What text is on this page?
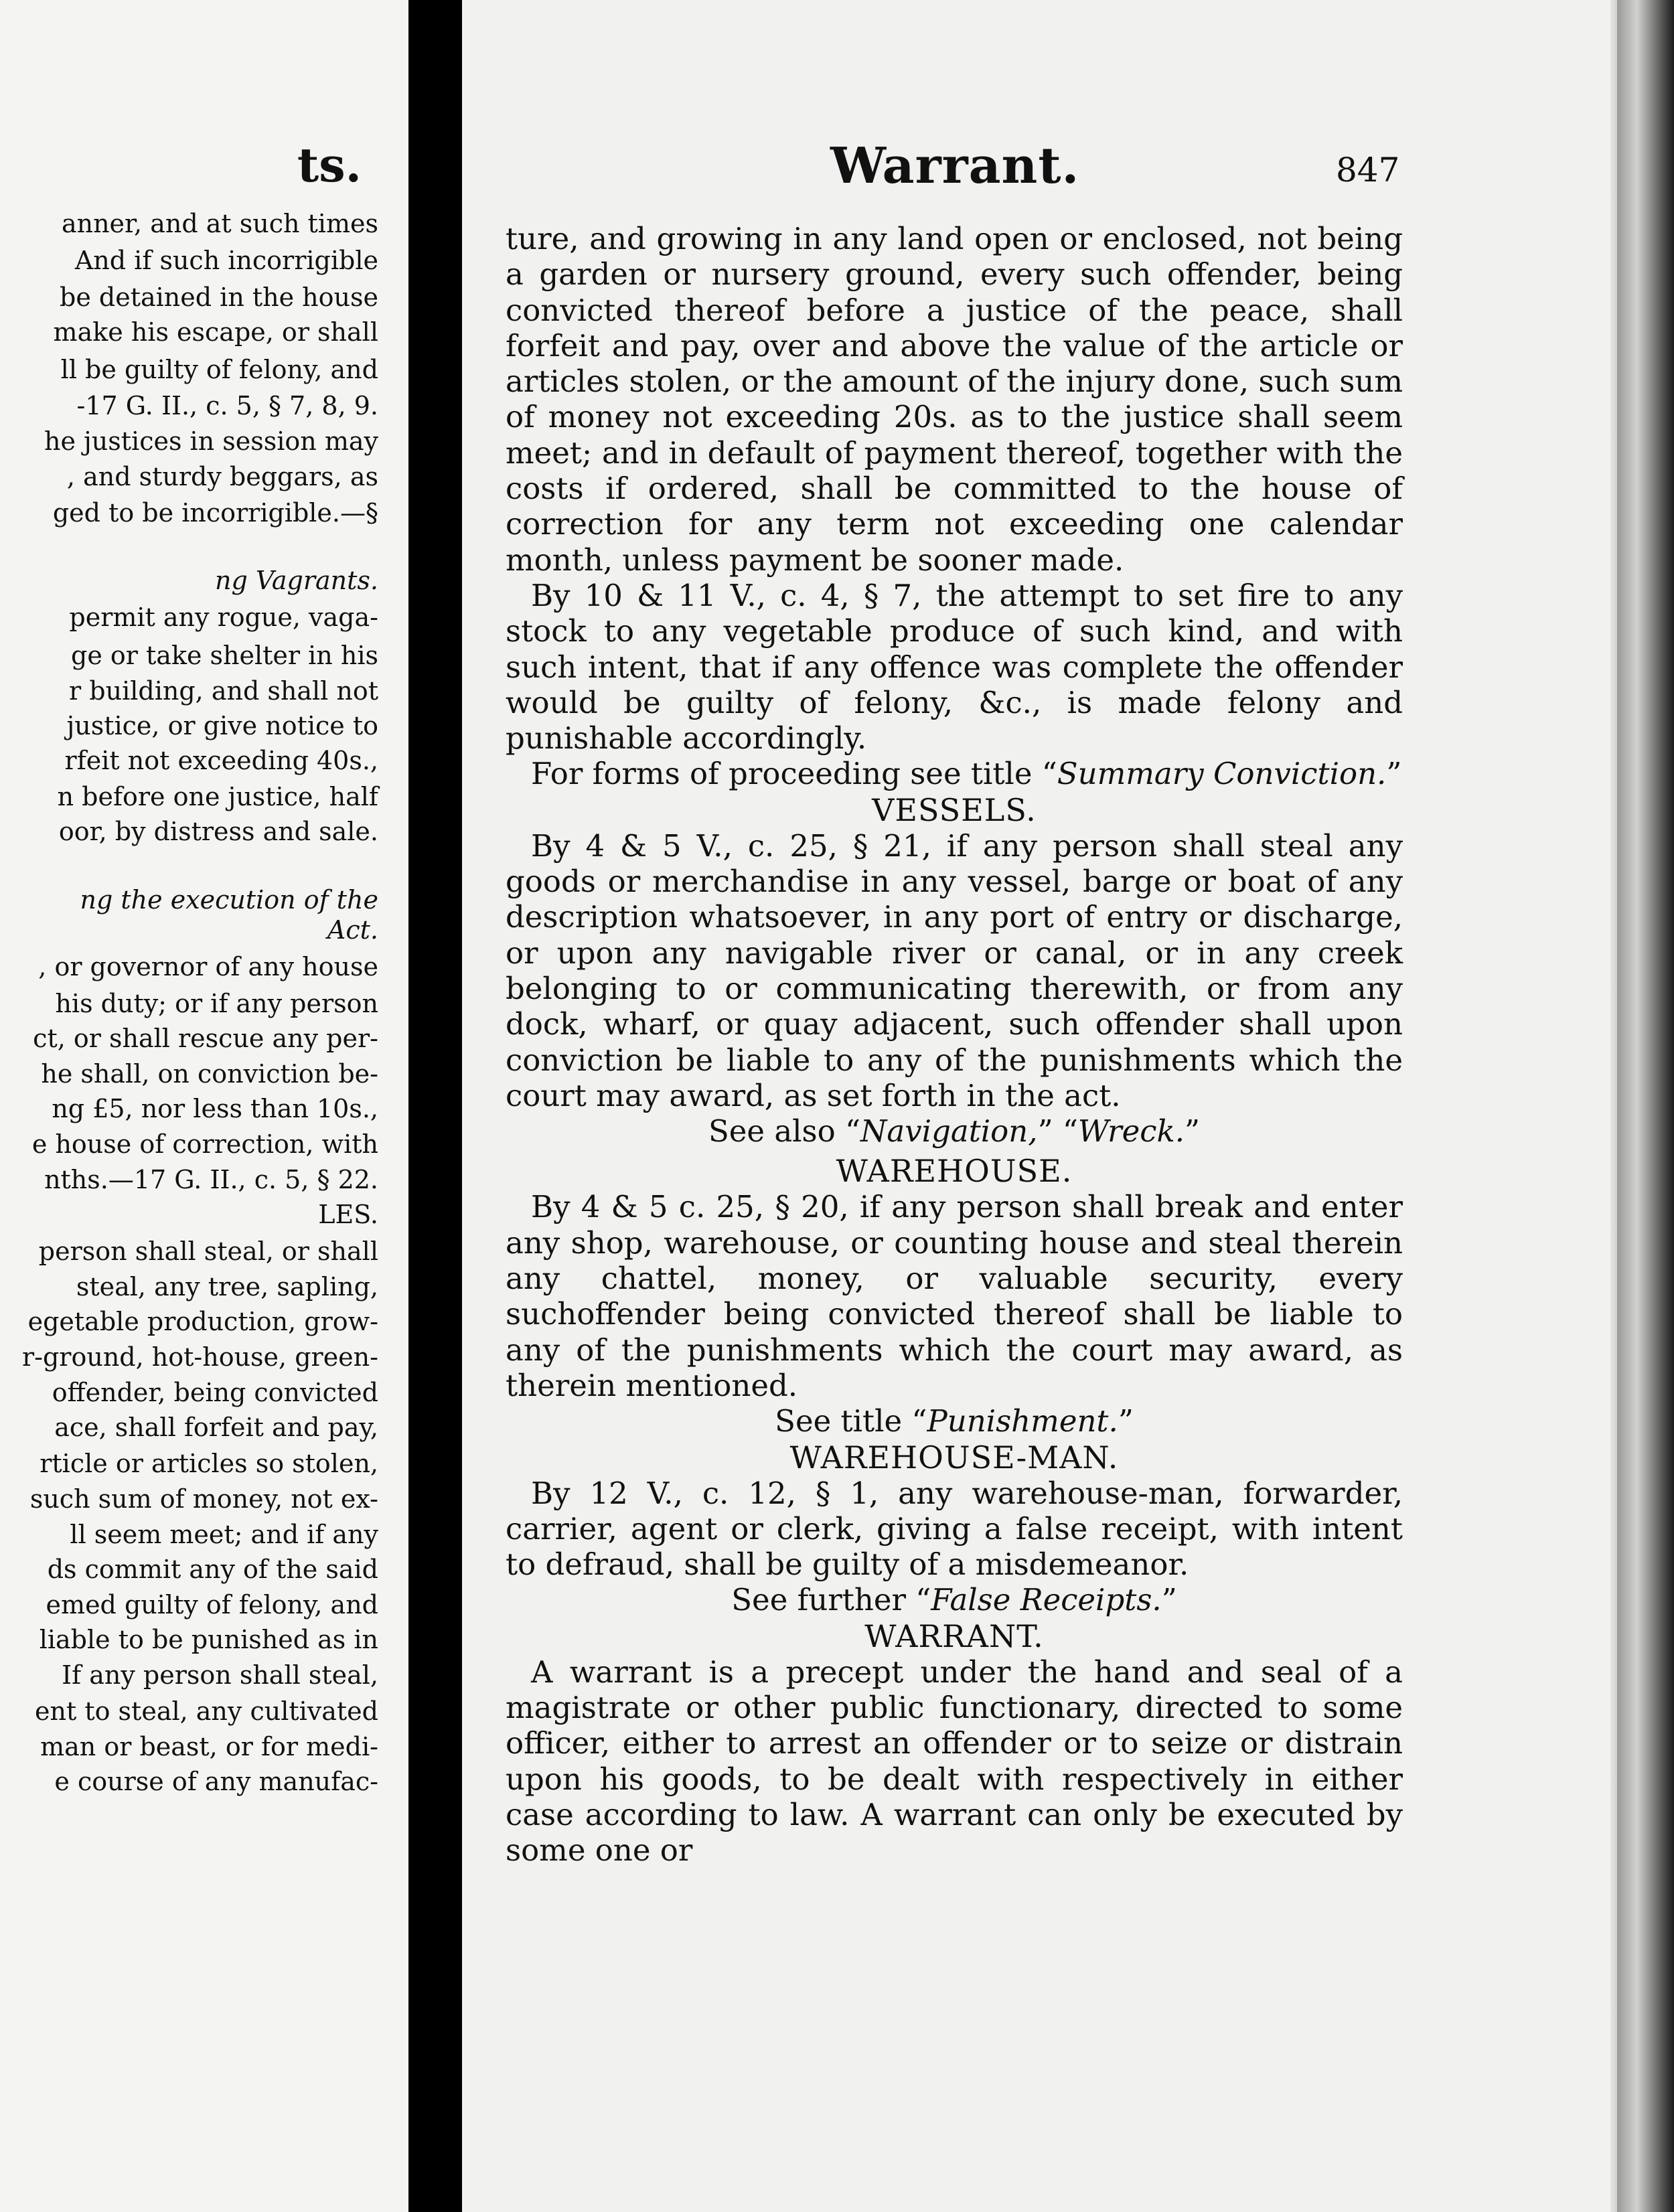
anner, and at such times
And if such incorrigible
be detained in the house
make his escape, or shall
ll be guilty of felony, and
-17 G. II., c. 5, § 7, 8, 9.
he justices in session may
, and sturdy beggars, as
ged to be incorrigible.—§
ng Vagrants.
permit any rogue, vaga-
ge or take shelter in his
r building, and shall not
justice, or give notice to
rfeit not exceeding 40s.,
n before one justice, half
oor, by distress and sale.
ng the execution of the
Act.
, or governor of any house
his duty; or if any person
ct, or shall rescue any per-
he shall, on conviction be-
ng £5, nor less than 10s.,
e house of correction, with
nths.—17 G. II., c. 5, § 22.
LES.
person shall steal, or shall
steal, any tree, sapling,
egetable production, grow-
r-ground, hot-house, green-
offender, being convicted
ace, shall forfeit and pay,
rticle or articles so stolen,
such sum of money, not ex-
ll seem meet; and if any
ds commit any of the said
emed guilty of felony, and
liable to be punished as in
If any person shall steal,
ent to steal, any cultivated
man or beast, or for medi-
e course of any manufac-
ts.	Warrant.	847

ture, and growing in any land open or enclosed, not being a garden or nursery ground, every such offender, being convicted thereof before a justice of the peace, shall forfeit and pay, over and above the value of the article or articles stolen, or the amount of the injury done, such sum of money not exceeding 20s. as to the justice shall seem meet; and in default of payment thereof, together with the costs if ordered, shall be committed to the house of correction for any term not exceeding one calendar month, unless payment be sooner made.

By 10 & 11 V., c. 4, § 7, the attempt to set fire to any stock to any vegetable produce of such kind, and with such intent, that if any offence was complete the offender would be guilty of felony, &c., is made felony and punishable accordingly.

For forms of proceeding see title “Summary Conviction.”

VESSELS.

By 4 & 5 V., c. 25, § 21, if any person shall steal any goods or merchandise in any vessel, barge or boat of any description whatsoever, in any port of entry or discharge, or upon any navigable river or canal, or in any creek belonging to or communicating therewith, or from any dock, wharf, or quay adjacent, such offender shall upon conviction be liable to any of the punishments which the court may award, as set forth in the act.

See also “Navigation,” “Wreck.”

WAREHOUSE.

By 4 & 5 c. 25, § 20, if any person shall break and enter any shop, warehouse, or counting house and steal therein any chattel, money, or valuable security, every suchoffender being convicted thereof shall be liable to any of the punishments which the court may award, as therein mentioned.

See title “Punishment.”

WAREHOUSE-MAN.

By 12 V., c. 12, § 1, any warehouse-man, forwarder, carrier, agent or clerk, giving a false receipt, with intent to defraud, shall be guilty of a misdemeanor.

See further “False Receipts.”

WARRANT.

A warrant is a precept under the hand and seal of a magistrate or other public functionary, directed to some officer, either to arrest an offender or to seize or distrain upon his goods, to be dealt with respectively in either case according to law. A warrant can only be executed by some one or
